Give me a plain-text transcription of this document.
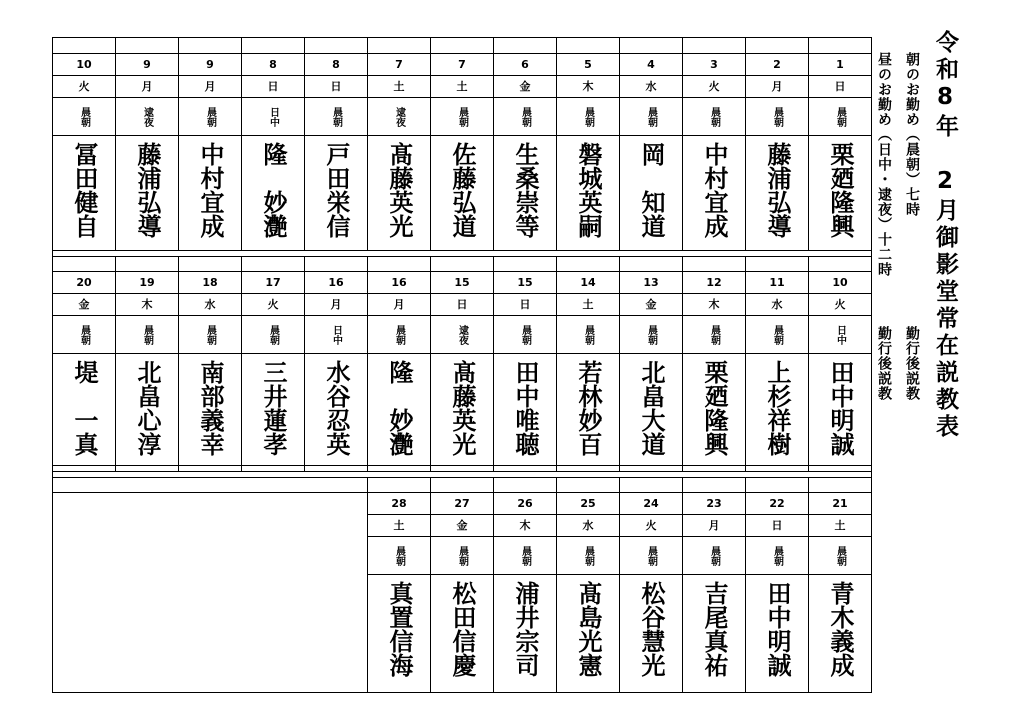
令和8年　2月御影堂常在説教表
朝のお勤め（晨朝）七時
昼のお勤め（日中・逮夜）十二時
勤行後説教
勤行後説教
1
日
晨朝
栗廼隆興
2
月
晨朝
藤浦弘導
3
火
晨朝
中村宜成
4
水
晨朝
岡　知道
5
木
晨朝
磐城英嗣
6
金
晨朝
生桑崇等
7
土
晨朝
佐藤弘道
7
土
逮夜
髙藤英光
8
日
晨朝
戸田栄信
8
日
日中
隆　妙灔
9
月
晨朝
中村宜成
9
月
逮夜
藤浦弘導
10
火
晨朝
冨田健自
10
火
日中
田中明誠
11
水
晨朝
上杉祥樹
12
木
晨朝
栗廼隆興
13
金
晨朝
北畠大道
14
土
晨朝
若林妙百
15
日
晨朝
田中唯聴
15
日
逮夜
髙藤英光
16
月
晨朝
隆　妙灔
16
月
日中
水谷忍英
17
火
晨朝
三井蓮孝
18
水
晨朝
南部義幸
19
木
晨朝
北畠心淳
20
金
晨朝
堤　一真
21
土
晨朝
青木義成
22
日
晨朝
田中明誠
23
月
晨朝
吉尾真祐
24
火
晨朝
松谷慧光
25
水
晨朝
髙島光憲
26
木
晨朝
浦井宗司
27
金
晨朝
松田信慶
28
土
晨朝
真置信海
